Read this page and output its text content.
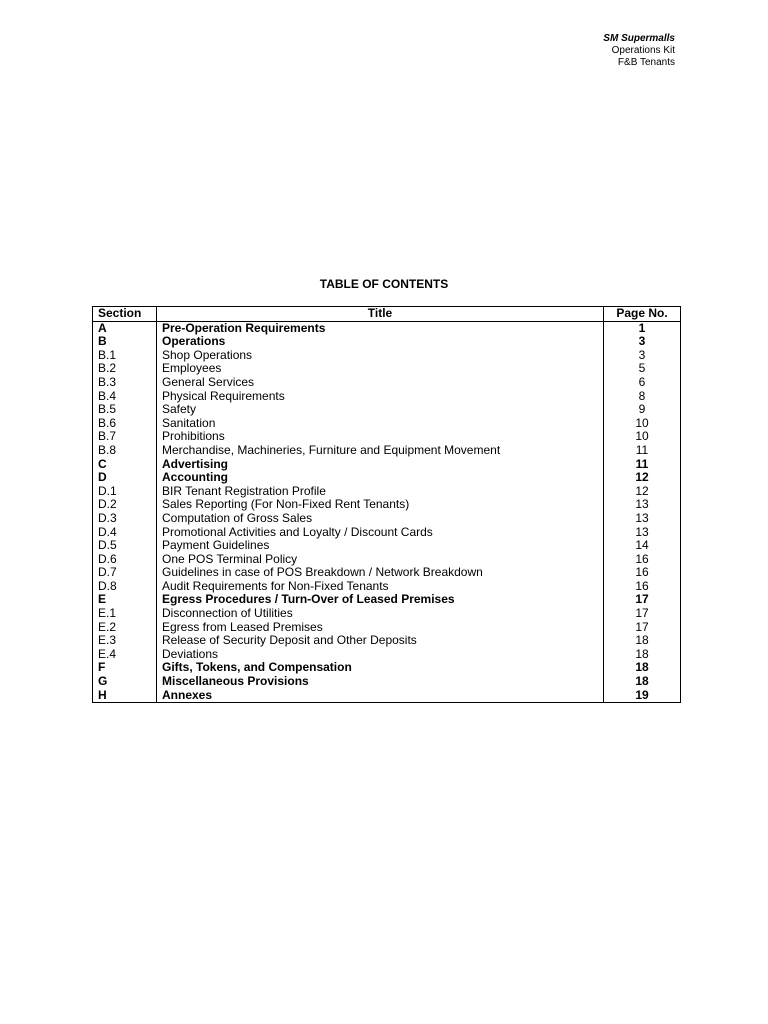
SM Supermalls
Operations Kit
F&B Tenants
TABLE OF CONTENTS
Section	Title	Page No.
A	Pre-Operation Requirements	1
B	Operations	3
B.1	Shop Operations	3
B.2	Employees	5
B.3	General Services	6
B.4	Physical Requirements	8
B.5	Safety	9
B.6	Sanitation	10
B.7	Prohibitions	10
B.8	Merchandise, Machineries, Furniture and Equipment Movement	11
C	Advertising	11
D	Accounting	12
D.1	BIR Tenant Registration Profile	12
D.2	Sales Reporting (For Non-Fixed Rent Tenants)	13
D.3	Computation of Gross Sales	13
D.4	Promotional Activities and Loyalty / Discount Cards	13
D.5	Payment Guidelines	14
D.6	One POS Terminal Policy	16
D.7	Guidelines in case of POS Breakdown / Network Breakdown	16
D.8	Audit Requirements for Non-Fixed Tenants	16
E	Egress Procedures / Turn-Over of Leased Premises	17
E.1	Disconnection of Utilities	17
E.2	Egress from Leased Premises	17
E.3	Release of Security Deposit and Other Deposits	18
E.4	Deviations	18
F	Gifts, Tokens, and Compensation	18
G	Miscellaneous Provisions	18
H	Annexes	19
